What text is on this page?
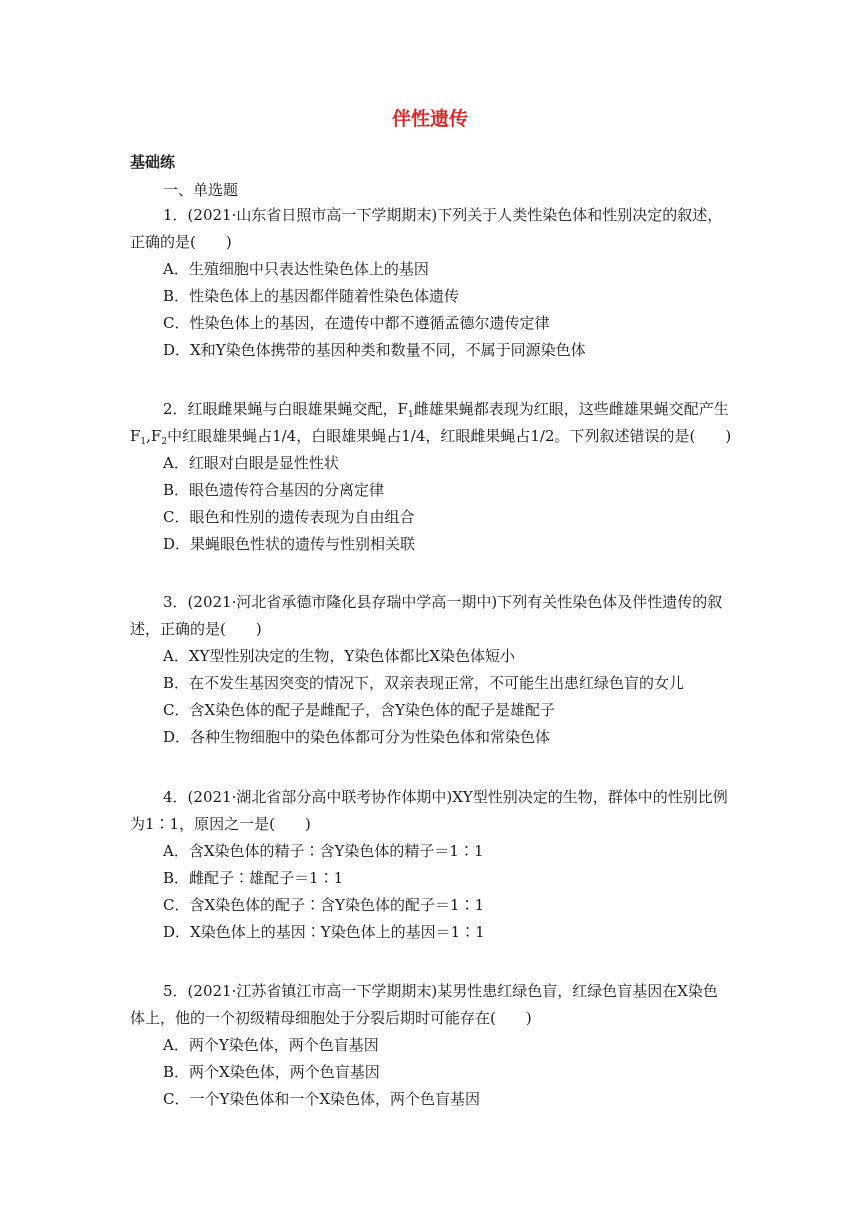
伴性遗传
基础练
一、单选题
1．(2021·山东省日照市高一下学期期末)下列关于人类性染色体和性别决定的叙述，
正确的是(　　)
A．生殖细胞中只表达性染色体上的基因
B．性染色体上的基因都伴随着性染色体遗传
C．性染色体上的基因，在遗传中都不遵循孟德尔遗传定律
D．X和Y染色体携带的基因种类和数量不同，不属于同源染色体
2．红眼雌果蝇与白眼雄果蝇交配，$F_1$雌雄果蝇都表现为红眼，这些雌雄果蝇交配产生
$F_1,F_2$中红眼雄果蝇占1/4，白眼雄果蝇占1/4，红眼雌果蝇占1/2。下列叙述错误的是(　　)
A．红眼对白眼是显性性状
B．眼色遗传符合基因的分离定律
C．眼色和性别的遗传表现为自由组合
D．果蝇眼色性状的遗传与性别相关联
3．(2021·河北省承德市隆化县存瑞中学高一期中)下列有关性染色体及伴性遗传的叙
述，正确的是(　　)
A．XY型性别决定的生物，Y染色体都比X染色体短小
B．在不发生基因突变的情况下，双亲表现正常，不可能生出患红绿色盲的女儿
C．含X染色体的配子是雌配子，含Y染色体的配子是雄配子
D．各种生物细胞中的染色体都可分为性染色体和常染色体
4．(2021·湖北省部分高中联考协作体期中)XY型性别决定的生物，群体中的性别比例
为1∶1，原因之一是(　　)
A．含X染色体的精子∶含Y染色体的精子＝1∶1
B．雌配子∶雄配子＝1∶1
C．含X染色体的配子∶含Y染色体的配子＝1∶1
D．X染色体上的基因∶Y染色体上的基因＝1∶1
5．(2021·江苏省镇江市高一下学期期末)某男性患红绿色盲，红绿色盲基因在X染色
体上，他的一个初级精母细胞处于分裂后期时可能存在(　　)
A．两个Y染色体，两个色盲基因
B．两个X染色体，两个色盲基因
C．一个Y染色体和一个X染色体，两个色盲基因
